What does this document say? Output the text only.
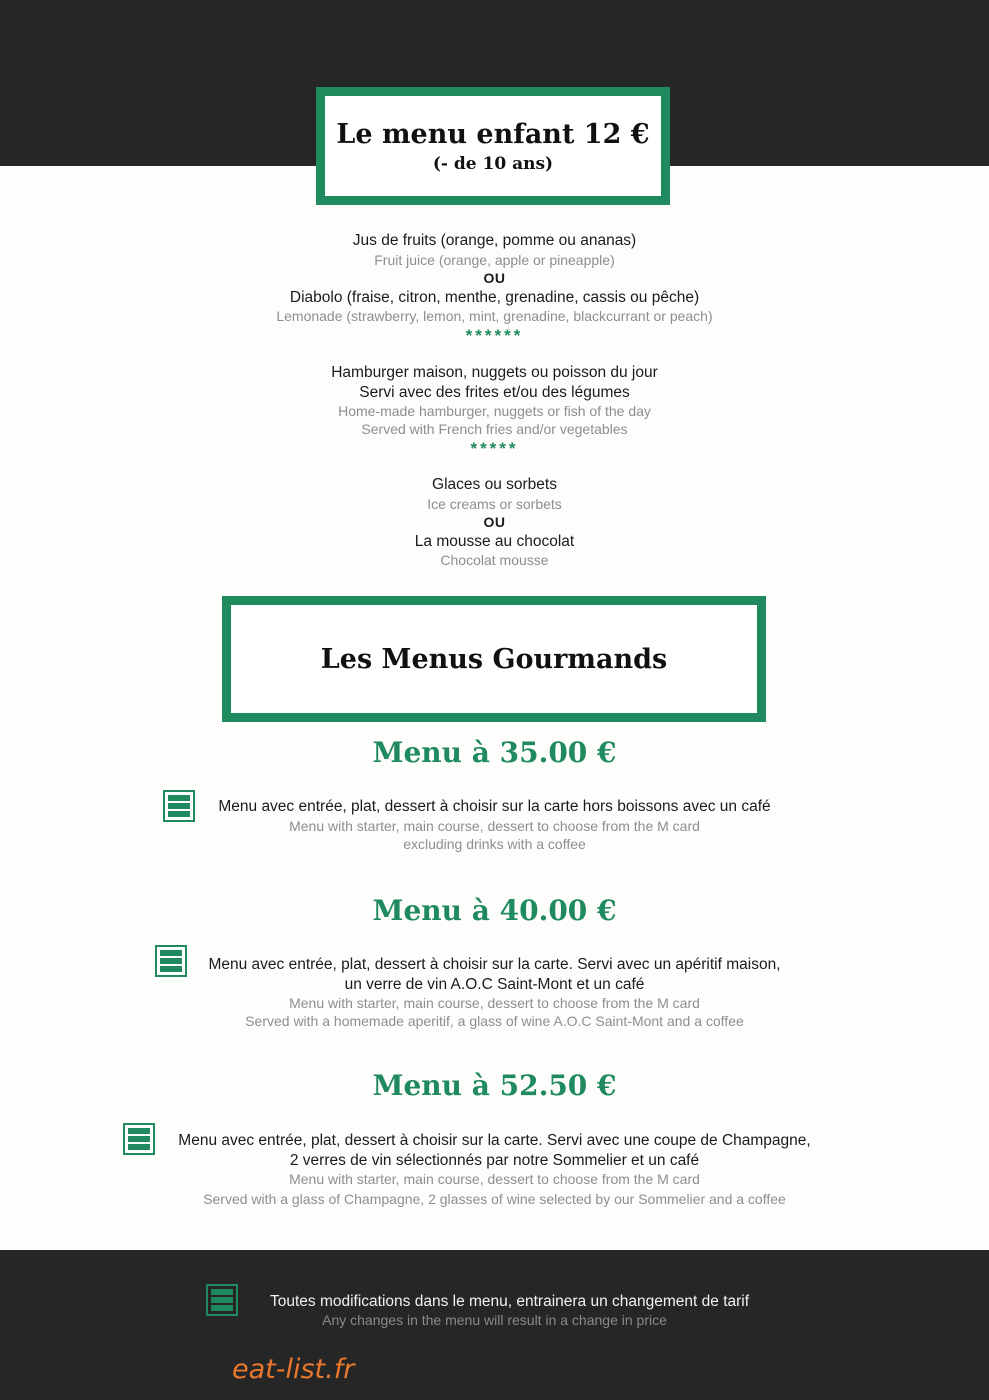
Le menu enfant 12 €
(- de 10 ans)
Jus de fruits (orange, pomme ou ananas)
Fruit juice (orange, apple or pineapple)
OU
Diabolo (fraise, citron, menthe, grenadine, cassis ou pêche)
Lemonade (strawberry, lemon, mint, grenadine, blackcurrant or peach)
******
Hamburger maison, nuggets ou poisson du jour
Servi avec des frites et/ou des légumes
Home-made hamburger, nuggets or fish of the day
Served with French fries and/or vegetables
*****
Glaces ou sorbets
Ice creams or sorbets
OU
La mousse au chocolat
Chocolat mousse
Les Menus Gourmands
Menu à 35.00 €
Menu avec entrée, plat, dessert à choisir sur la carte hors boissons avec un café
Menu with starter, main course, dessert to choose from the M card
excluding drinks with a coffee
Menu à 40.00 €
Menu avec entrée, plat, dessert à choisir sur la carte. Servi avec un apéritif maison,
un verre de vin A.O.C Saint-Mont et un café
Menu with starter, main course, dessert to choose from the M card
Served with a homemade aperitif, a glass of wine A.O.C Saint-Mont and a coffee
Menu à 52.50 €
Menu avec entrée, plat, dessert à choisir sur la carte. Servi avec une coupe de Champagne,
2 verres de vin sélectionnés par notre Sommelier et un café
Menu with starter, main course, dessert to choose from the M card
Served with a glass of Champagne, 2 glasses of wine selected by our Sommelier and a coffee
Toutes modifications dans le menu, entrainera un changement de tarif
Any changes in the menu will result in a change in price
eat-list.fr
